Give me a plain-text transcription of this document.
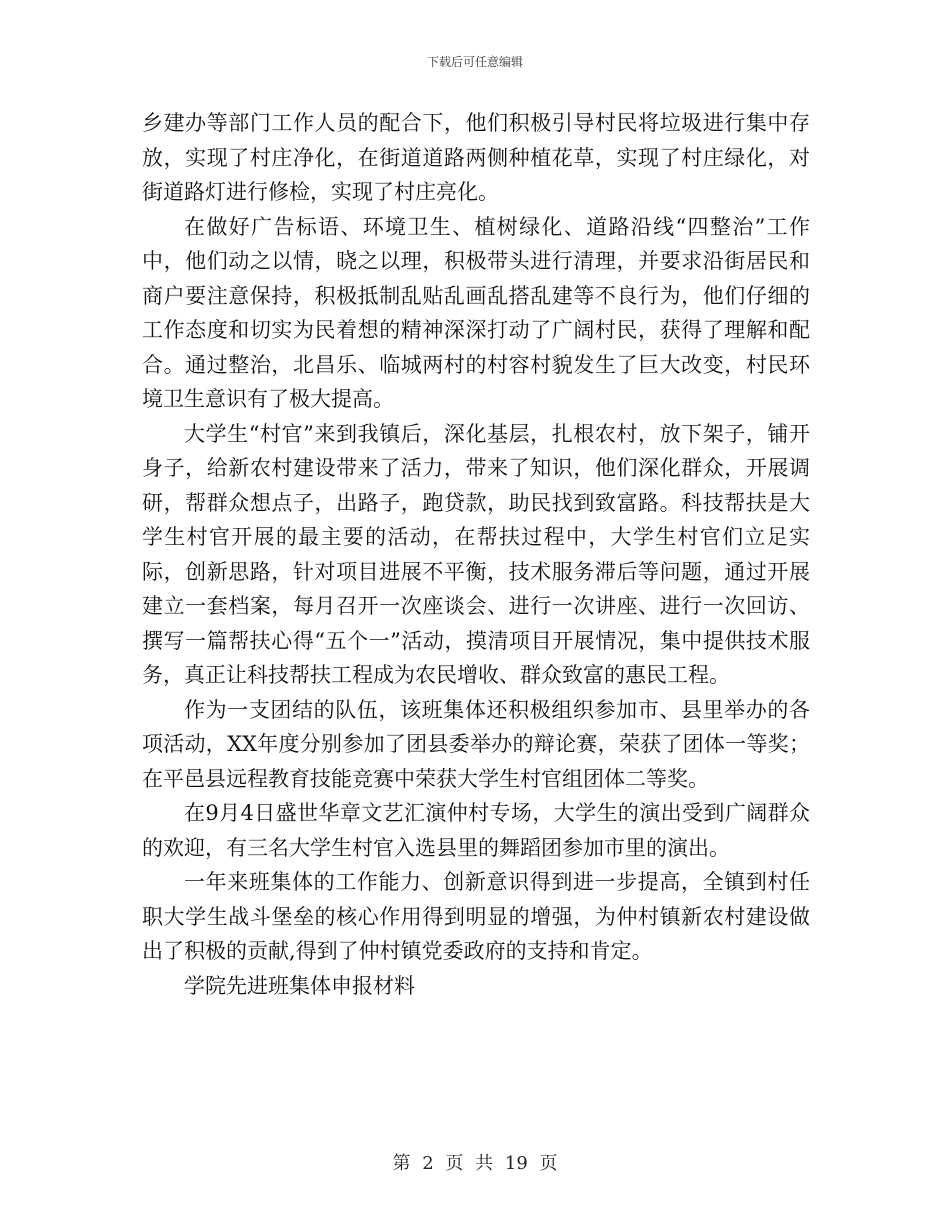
下载后可任意编辑

乡建办等部门工作人员的配合下，他们积极引导村民将垃圾进行集中存放，实现了村庄净化，在街道道路两侧种植花草，实现了村庄绿化，对街道路灯进行修检，实现了村庄亮化。

在做好广告标语、环境卫生、植树绿化、道路沿线“四整治”工作中，他们动之以情，晓之以理，积极带头进行清理，并要求沿街居民和商户要注意保持，积极抵制乱贴乱画乱搭乱建等不良行为，他们仔细的工作态度和切实为民着想的精神深深打动了广阔村民，获得了理解和配合。通过整治，北昌乐、临城两村的村容村貌发生了巨大改变，村民环境卫生意识有了极大提高。

大学生“村官”来到我镇后，深化基层，扎根农村，放下架子，铺开身子，给新农村建设带来了活力，带来了知识，他们深化群众，开展调研，帮群众想点子，出路子，跑贷款，助民找到致富路。科技帮扶是大学生村官开展的最主要的活动，在帮扶过程中，大学生村官们立足实际，创新思路，针对项目进展不平衡，技术服务滞后等问题，通过开展建立一套档案，每月召开一次座谈会、进行一次讲座、进行一次回访、撰写一篇帮扶心得“五个一”活动，摸清项目开展情况，集中提供技术服务，真正让科技帮扶工程成为农民增收、群众致富的惠民工程。

作为一支团结的队伍，该班集体还积极组织参加市、县里举办的各项活动，XX年度分别参加了团县委举办的辩论赛，荣获了团体一等奖；在平邑县远程教育技能竞赛中荣获大学生村官组团体二等奖。

在9月4日盛世华章文艺汇演仲村专场，大学生的演出受到广阔群众的欢迎，有三名大学生村官入选县里的舞蹈团参加市里的演出。

一年来班集体的工作能力、创新意识得到进一步提高，全镇到村任职大学生战斗堡垒的核心作用得到明显的增强，为仲村镇新农村建设做出了积极的贡献,得到了仲村镇党委政府的支持和肯定。

学院先进班集体申报材料

第 2 页 共 19 页
